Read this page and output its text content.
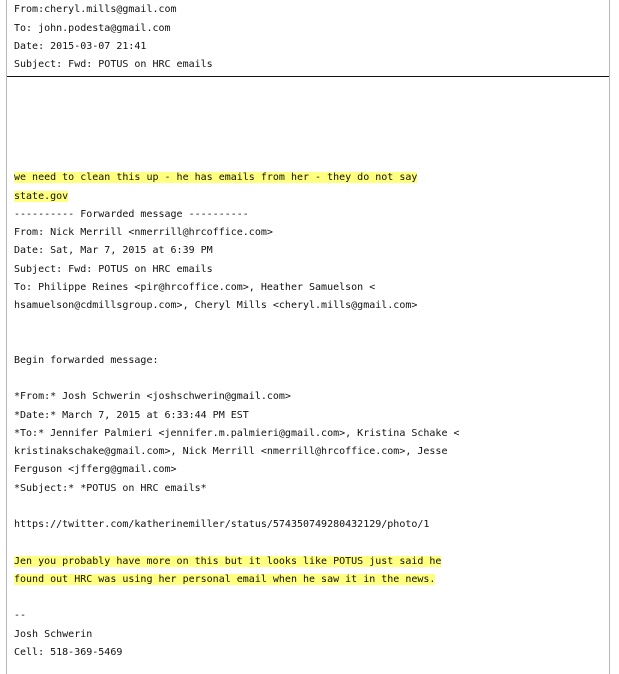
From:cheryl.mills@gmail.com
To: john.podesta@gmail.com
Date: 2015-03-07 21:41
Subject: Fwd: POTUS on HRC emails
we need to clean this up - he has emails from her - they do not say
state.gov
---------- Forwarded message ----------
From: Nick Merrill <nmerrill@hrcoffice.com>
Date: Sat, Mar 7, 2015 at 6:39 PM
Subject: Fwd: POTUS on HRC emails
To: Philippe Reines <pir@hrcoffice.com>, Heather Samuelson <
hsamuelson@cdmillsgroup.com>, Cheryl Mills <cheryl.mills@gmail.com>
Begin forwarded message:
*From:* Josh Schwerin <joshschwerin@gmail.com>
*Date:* March 7, 2015 at 6:33:44 PM EST
*To:* Jennifer Palmieri <jennifer.m.palmieri@gmail.com>, Kristina Schake <
kristinakschake@gmail.com>, Nick Merrill <nmerrill@hrcoffice.com>, Jesse
Ferguson <jfferg@gmail.com>
*Subject:* *POTUS on HRC emails*
https://twitter.com/katherinemiller/status/574350749280432129/photo/1
Jen you probably have more on this but it looks like POTUS just said he
found out HRC was using her personal email when he saw it in the news.
--
Josh Schwerin
Cell: 518-369-5469
